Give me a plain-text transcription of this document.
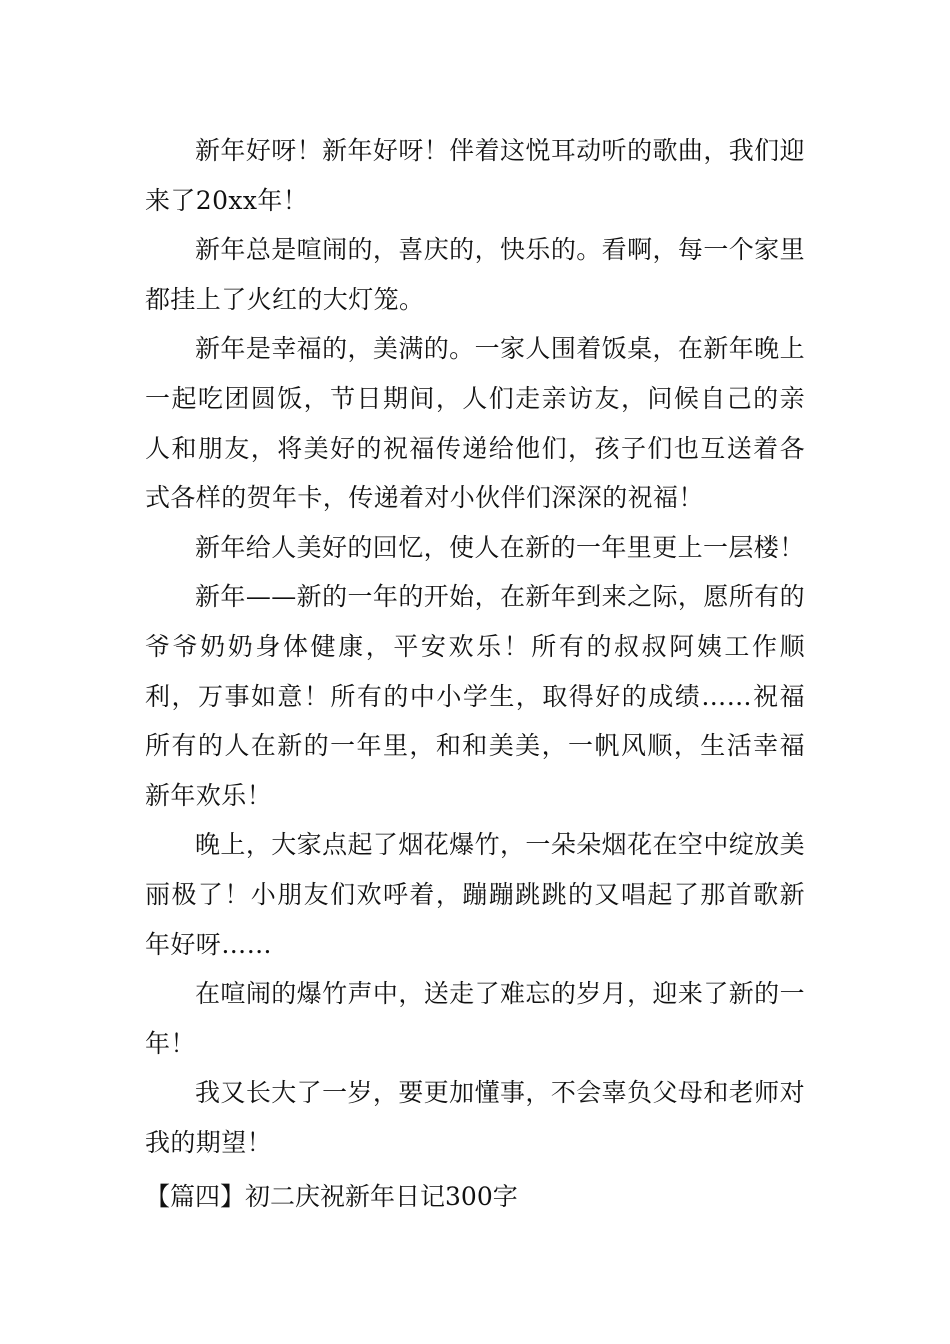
新年好呀！新年好呀！伴着这悦耳动听的歌曲，我们迎来了20xx年！

新年总是喧闹的，喜庆的，快乐的。看啊，每一个家里都挂上了火红的大灯笼。

新年是幸福的，美满的。一家人围着饭桌，在新年晚上一起吃团圆饭，节日期间，人们走亲访友，问候自己的亲人和朋友，将美好的祝福传递给他们，孩子们也互送着各式各样的贺年卡，传递着对小伙伴们深深的祝福！

新年给人美好的回忆，使人在新的一年里更上一层楼！

新年——新的一年的开始，在新年到来之际，愿所有的爷爷奶奶身体健康，平安欢乐！所有的叔叔阿姨工作顺利，万事如意！所有的中小学生，取得好的成绩……祝福所有的人在新的一年里，和和美美，一帆风顺，生活幸福新年欢乐！

晚上，大家点起了烟花爆竹，一朵朵烟花在空中绽放美丽极了！小朋友们欢呼着，蹦蹦跳跳的又唱起了那首歌新年好呀……

在喧闹的爆竹声中，送走了难忘的岁月，迎来了新的一年！

我又长大了一岁，要更加懂事，不会辜负父母和老师对我的期望！

【篇四】初二庆祝新年日记300字
